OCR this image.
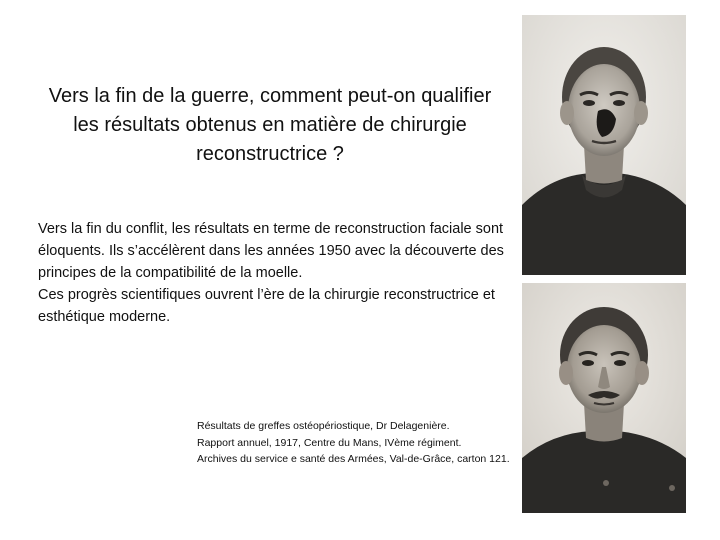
Vers la fin de la guerre, comment peut-on qualifier les résultats obtenus en matière de chirurgie reconstructrice ?

Vers la fin du conflit, les résultats en terme de reconstruction faciale sont éloquents. Ils s’accélèrent dans les années 1950 avec la découverte des principes de la compatibilité de la moelle.

Ces progrès scientifiques ouvrent l’ère de la chirurgie reconstructrice et esthétique moderne.

Résultats de greffes ostéopériostique, Dr Delagenière.

Rapport annuel, 1917, Centre du Mans, IVème régiment.

Archives du service e santé des Armées, Val-de-Grâce, carton 121.
